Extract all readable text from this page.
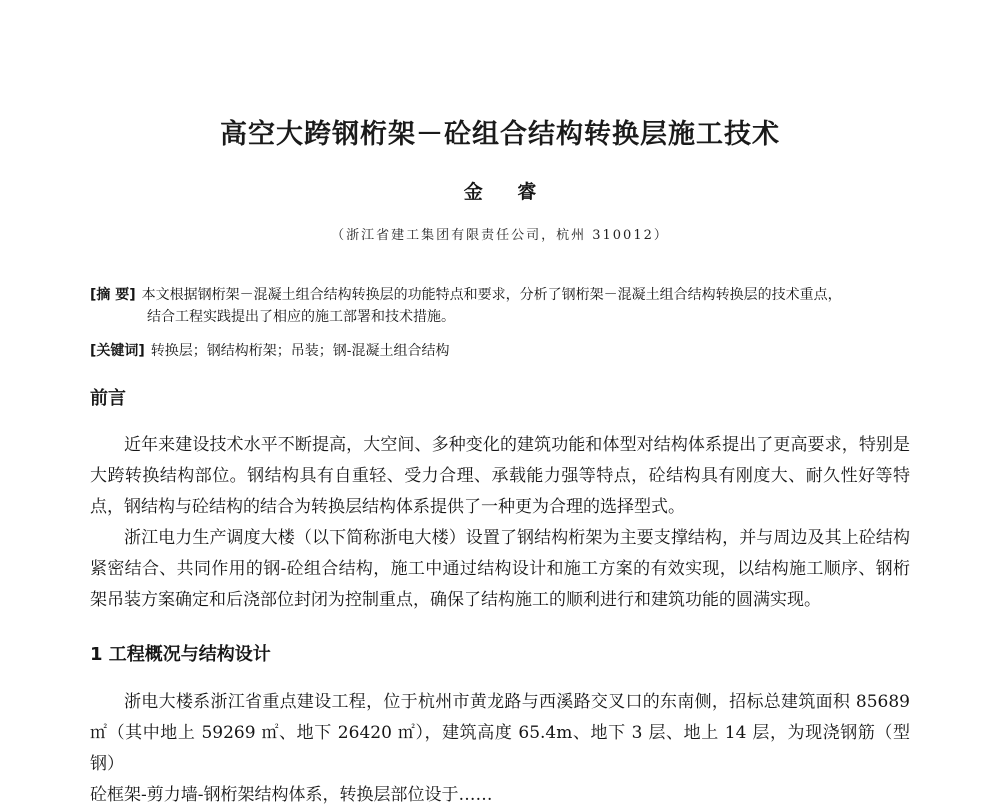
高空大跨钢桁架－砼组合结构转换层施工技术
金 睿
（浙江省建工集团有限责任公司，杭州 310012）
[摘 要] 本文根据钢桁架－混凝土组合结构转换层的功能特点和要求，分析了钢桁架－混凝土组合结构转换层的技术重点，
结合工程实践提出了相应的施工部署和技术措施。
[关键词] 转换层；钢结构桁架；吊装；钢-混凝土组合结构
前言

近年来建设技术水平不断提高，大空间、多种变化的建筑功能和体型对结构体系提出了更高要求，特别是大跨转换结构部位。钢结构具有自重轻、受力合理、承载能力强等特点，砼结构具有刚度大、耐久性好等特点，钢结构与砼结构的结合为转换层结构体系提供了一种更为合理的选择型式。

浙江电力生产调度大楼（以下简称浙电大楼）设置了钢结构桁架为主要支撑结构，并与周边及其上砼结构紧密结合、共同作用的钢-砼组合结构，施工中通过结构设计和施工方案的有效实现，以结构施工顺序、钢桁架吊装方案确定和后浇部位封闭为控制重点，确保了结构施工的顺利进行和建筑功能的圆满实现。

1 工程概况与结构设计

浙电大楼系浙江省重点建设工程，位于杭州市黄龙路与西溪路交叉口的东南侧，招标总建筑面积 85689 ㎡（其中地上 59269 ㎡、地下 26420 ㎡），建筑高度 65.4m、地下 3 层、地上 14 层，为现浇钢筋（型钢）

砼框架-剪力墙-钢桁架结构体系，转换层部位设于……
